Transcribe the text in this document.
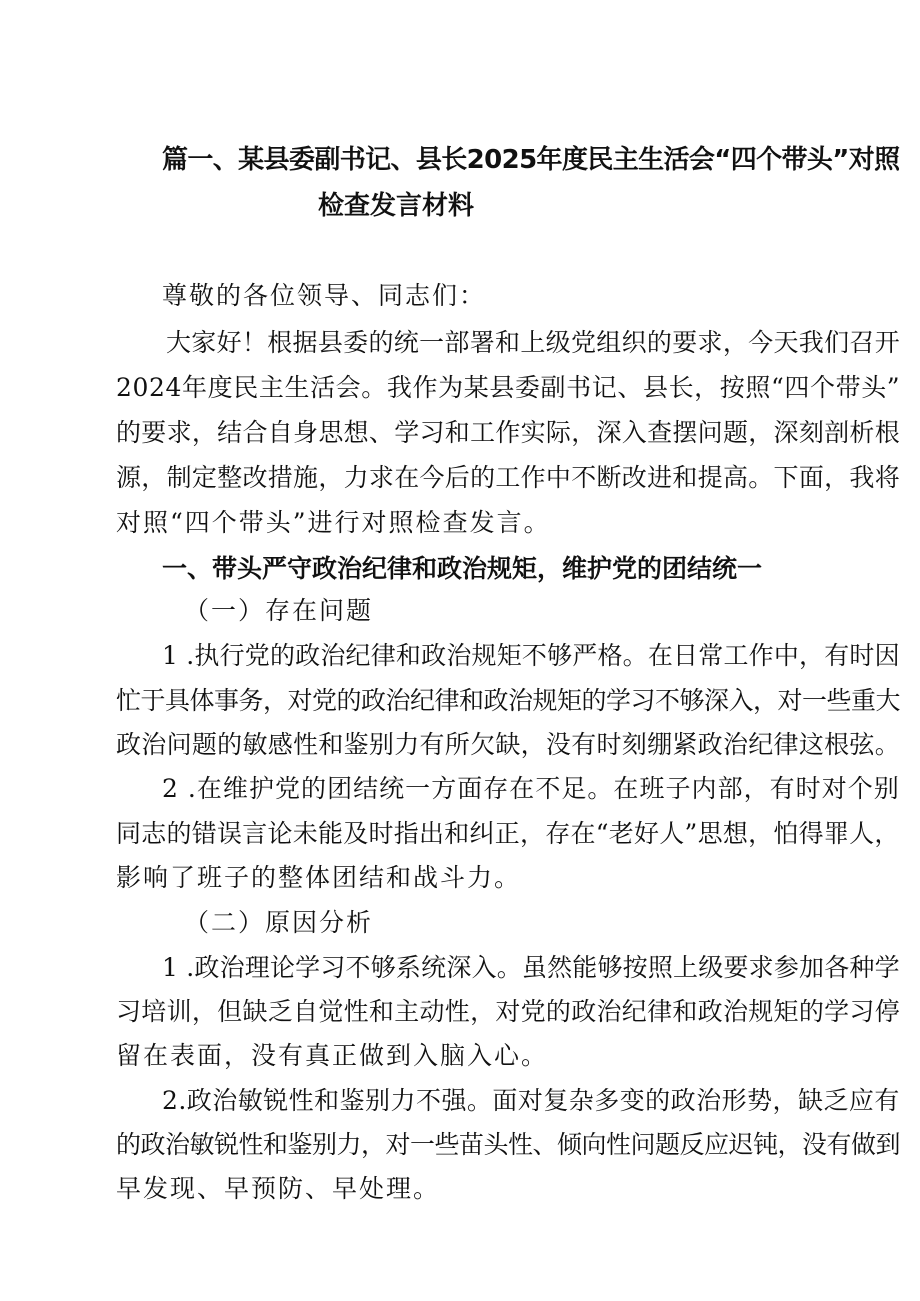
篇一、某县委副书记、县长2025年度民主生活会“四个带头”对照
检查发言材料
尊敬的各位领导、同志们：
大家好！根据县委的统一部署和上级党组织的要求，今天我们召开
2024年度民主生活会。我作为某县委副书记、县长，按照“四个带头”
的要求，结合自身思想、学习和工作实际，深入查摆问题，深刻剖析根
源，制定整改措施，力求在今后的工作中不断改进和提高。下面，我将
对照“四个带头”进行对照检查发言。
一、带头严守政治纪律和政治规矩，维护党的团结统一
（一）存在问题
1 .执行党的政治纪律和政治规矩不够严格。在日常工作中，有时因
忙于具体事务，对党的政治纪律和政治规矩的学习不够深入，对一些重大
政治问题的敏感性和鉴别力有所欠缺，没有时刻绷紧政治纪律这根弦。
2 .在维护党的团结统一方面存在不足。在班子内部，有时对个别
同志的错误言论未能及时指出和纠正，存在“老好人”思想，怕得罪人，
影响了班子的整体团结和战斗力。
（二）原因分析
1 .政治理论学习不够系统深入。虽然能够按照上级要求参加各种学
习培训，但缺乏自觉性和主动性，对党的政治纪律和政治规矩的学习停
留在表面，没有真正做到入脑入心。
2.政治敏锐性和鉴别力不强。面对复杂多变的政治形势，缺乏应有
的政治敏锐性和鉴别力，对一些苗头性、倾向性问题反应迟钝，没有做到
早发现、早预防、早处理。
